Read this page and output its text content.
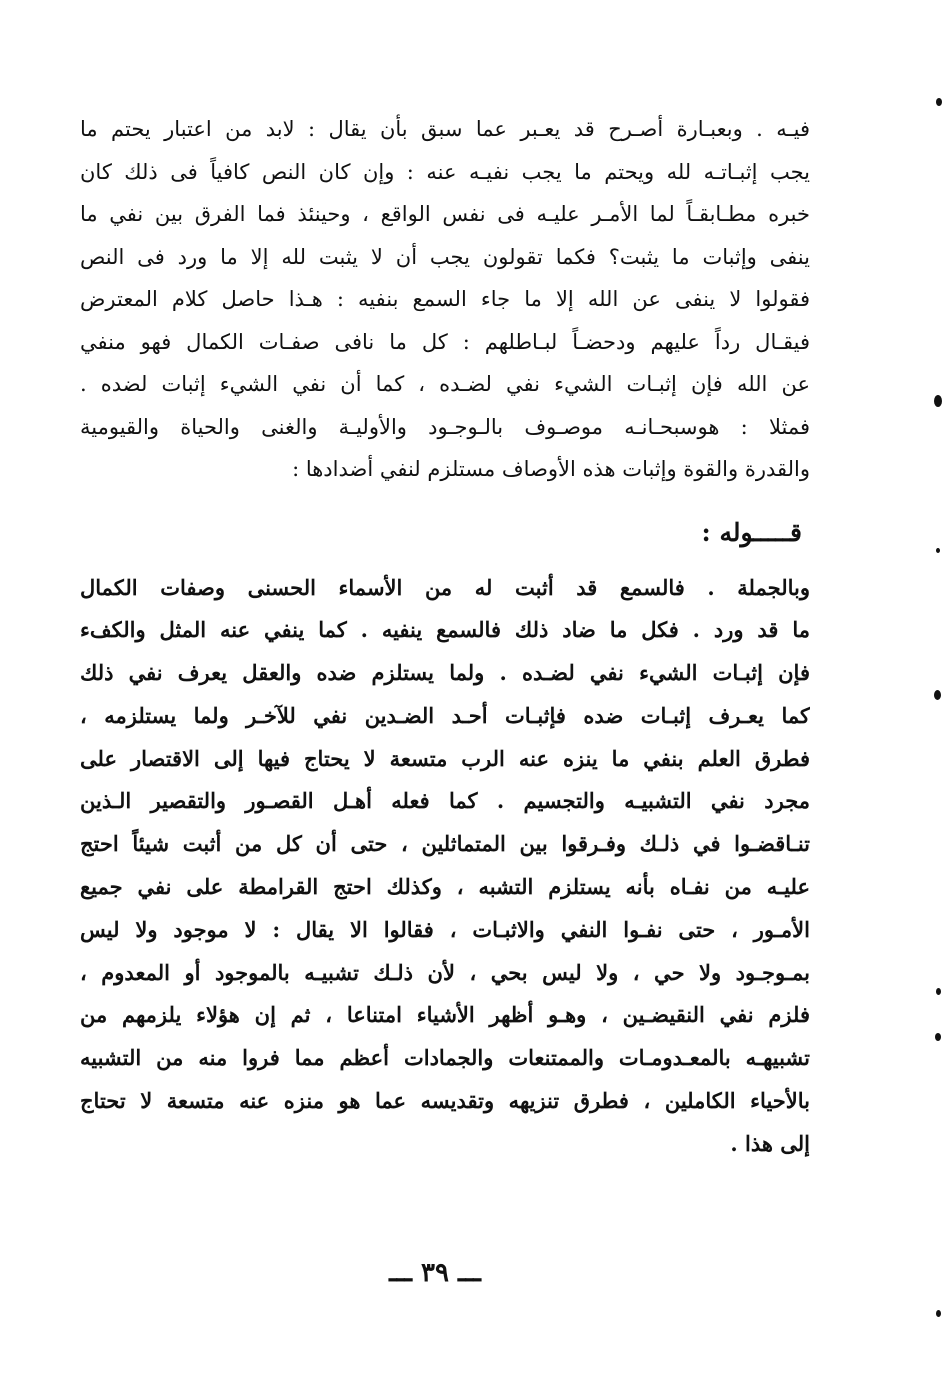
فيـه . وبعبـارة أصـرح قد يعـبر عما سبق بأن يقال : لابد من اعتبار يحتم ما
يجب إثبـاتـه لله ويحتم ما يجب نفيـه عنه : وإن كان النص كافياً فى ذلك كان
خبره مطـابقـاً لما الأمـر عليـه فى نفس الواقع ، وحينئذ فما الفرق بين نفي ما
ينفى وإثبات ما يثبت؟ فكما تقولون يجب أن لا يثبت لله إلا ما ورد فى النص
فقولوا لا ينفى عن الله إلا ما جاء السمع بنفيه : هـذا حاصل كلام المعترض
فيقـال رداً عليهم ودحضـاً لبـاطلهم : كل ما نافى صفـات الكمال فهو منفي
عن الله فإن إثبـات الشيء نفي لضـده ، كما أن نفي الشيء إثبات لضده .
فمثلا : هوسبحـانـه موصـوف بالـوجـود والأوليـة والغنى والحياة والقيومية
والقدرة والقوة وإثبات هذه الأوصاف مستلزم لنفي أضدادها :
قـــــوله :
وبالجملة . فالسمع قد أثبت له من الأسماء الحسنى وصفات الكمال
ما قد ورد . فكل ما ضاد ذلك فالسمع ينفيه . كما ينفي عنه المثل والكفء
فإن إثبـات الشيء نفي لضـده . ولما يستلزم ضده والعقل يعرف نفي ذلك
كما يعـرف إثبـات ضده فإثبـات أحـد الضـدين نفي للآخـر ولما يستلزمه ،
فطرق العلم بنفي ما ينزه عنه الرب متسعة لا يحتاج فيها إلى الاقتصار على
مجرد نفي التشبيـه والتجسيم . كما فعله أهـل القصـور والتقصير الـذين
تنـاقضـوا في ذلـك وفـرقوا بين المتماثلين ، حتى أن كل من أثبت شيئاً احتج
عليـه من نفـاه بأنه يستلزم التشبه ، وكذلك احتج القرامطة على نفي جميع
الأمـور ، حتى نفـوا النفي والاثبـات ، فقالوا الا يقال : لا موجود ولا ليس
بمـوجـود ولا حي ، ولا ليس بحي ، لأن ذلـك تشبيـه بالموجود أو المعدوم ،
فلزم نفي النقيضـين ، وهـو أظهر الأشياء امتناعا ، ثم إن هؤلاء يلزمهم من
تشبيهـه بالمعـدومـات والممتنعات والجمادات أعظم مما فروا منه من التشبيه
بالأحياء الكاملين ، فطرق تنزيهه وتقديسه عما هو منزه عنه متسعة لا تحتاج
إلى هذا .
ـــ ٣٩ ـــ
